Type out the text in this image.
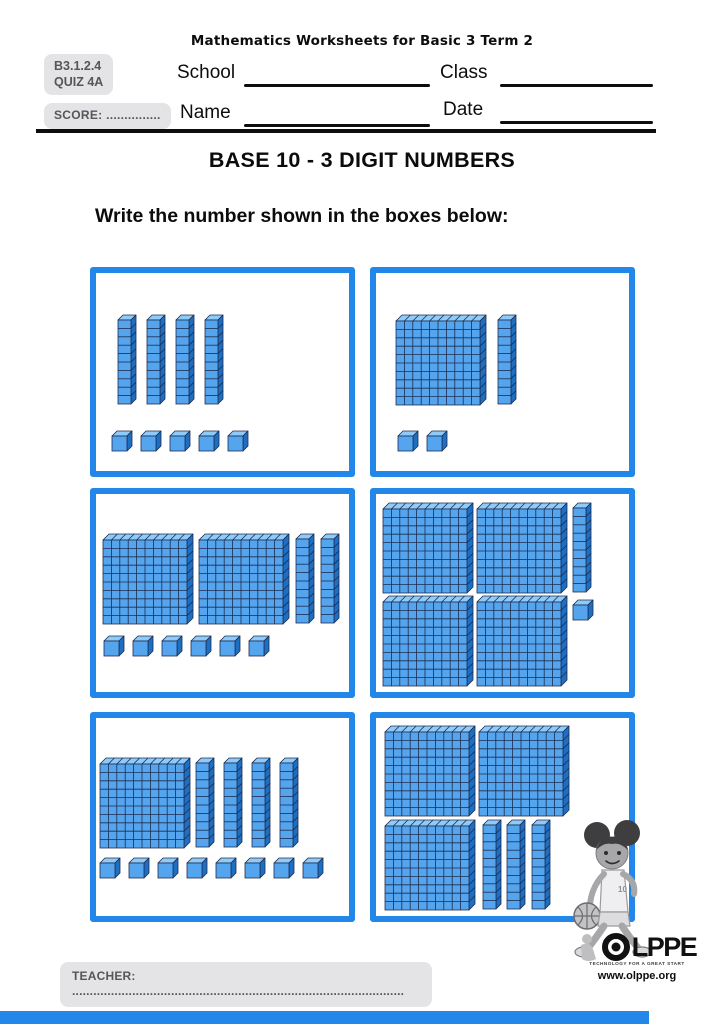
Mathematics Worksheets for Basic 3 Term 2
B3.1.2.4
QUIZ 4A	School	Class
SCORE: ...............	Name	Date
BASE 10 - 3 DIGIT NUMBERS
Write the number shown in the boxes below:
10
TEACHER: ..............................................................................................
LPPE
TECHNOLOGY FOR A GREAT START
www.olppe.org
